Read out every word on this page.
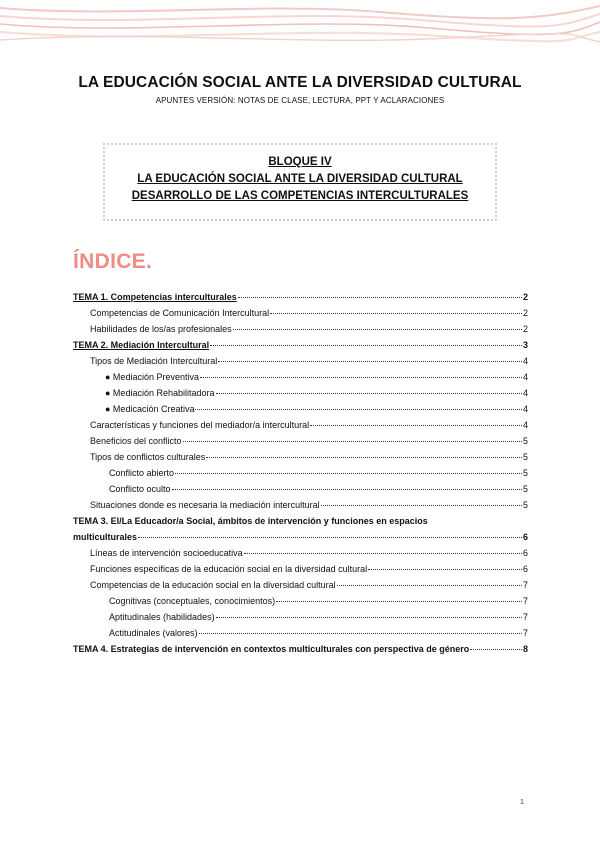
LA EDUCACIÓN SOCIAL ANTE LA DIVERSIDAD CULTURAL
APUNTES VERSIÓN: NOTAS DE CLASE, LECTURA, PPT Y ACLARACIONES
BLOQUE IV
LA EDUCACIÓN SOCIAL ANTE LA DIVERSIDAD CULTURAL
DESARROLLO DE LAS COMPETENCIAS INTERCULTURALES
ÍNDICE.
TEMA 1. Competencias interculturales	2
Competencias de Comunicación Intercultural	2
Habilidades de los/as profesionales	2
TEMA 2. Mediación Intercultural	3
Tipos de Mediación Intercultural	4
● Mediación Preventiva	4
● Mediación Rehabilitadora	4
● Medicación Creativa	4
Características y funciones del mediador/a intercultural	4
Beneficios del conflicto	5
Tipos de conflictos culturales	5
Conflicto abierto	5
Conflicto oculto	5
Situaciones donde es necesaria la mediación intercultural	5
TEMA 3. El/La Educador/a Social, ámbitos de intervención y funciones en espacios
multiculturales	6
Líneas de intervención socioeducativa	6
Funciones específicas de la educación social en la diversidad cultural	6
Competencias de la educación social en la diversidad cultural	7
Cognitivas (conceptuales, conocimientos)	7
Aptitudinales (habilidades)	7
Actitudinales (valores)	7
TEMA 4. Estrategias de intervención en contextos multiculturales con perspectiva de género	8
1
